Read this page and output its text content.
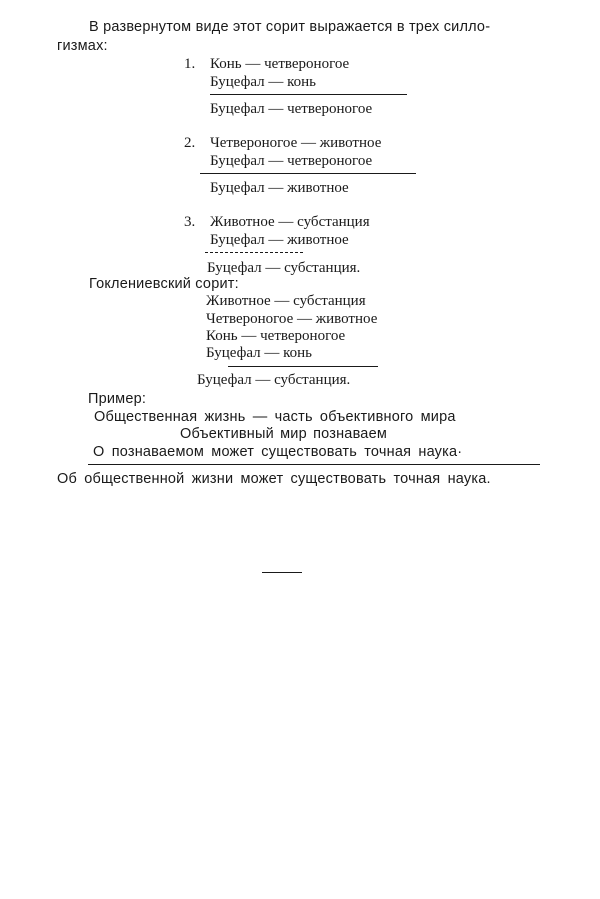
В развернутом виде этот сорит выражается в трех силло-
гизмах:
1. Конь — четвероногое
Буцефал — конь
Буцефал — четвероногое
2. Четвероногое — животное
Буцефал — четвероногое
Буцефал — животное
3. Животное — субстанция
Буцефал — животное
Буцефал — субстанция.
Гоклениевский сорит:
Животное — субстанция
Четвероногое — животное
Конь — четвероногое
Буцефал — конь
Буцефал — субстанция.
Пример:
Общественная жизнь — часть объективного мира
Объективный мир познаваем
О познаваемом может существовать точная наука·
Об общественной жизни может существовать точная наука.
